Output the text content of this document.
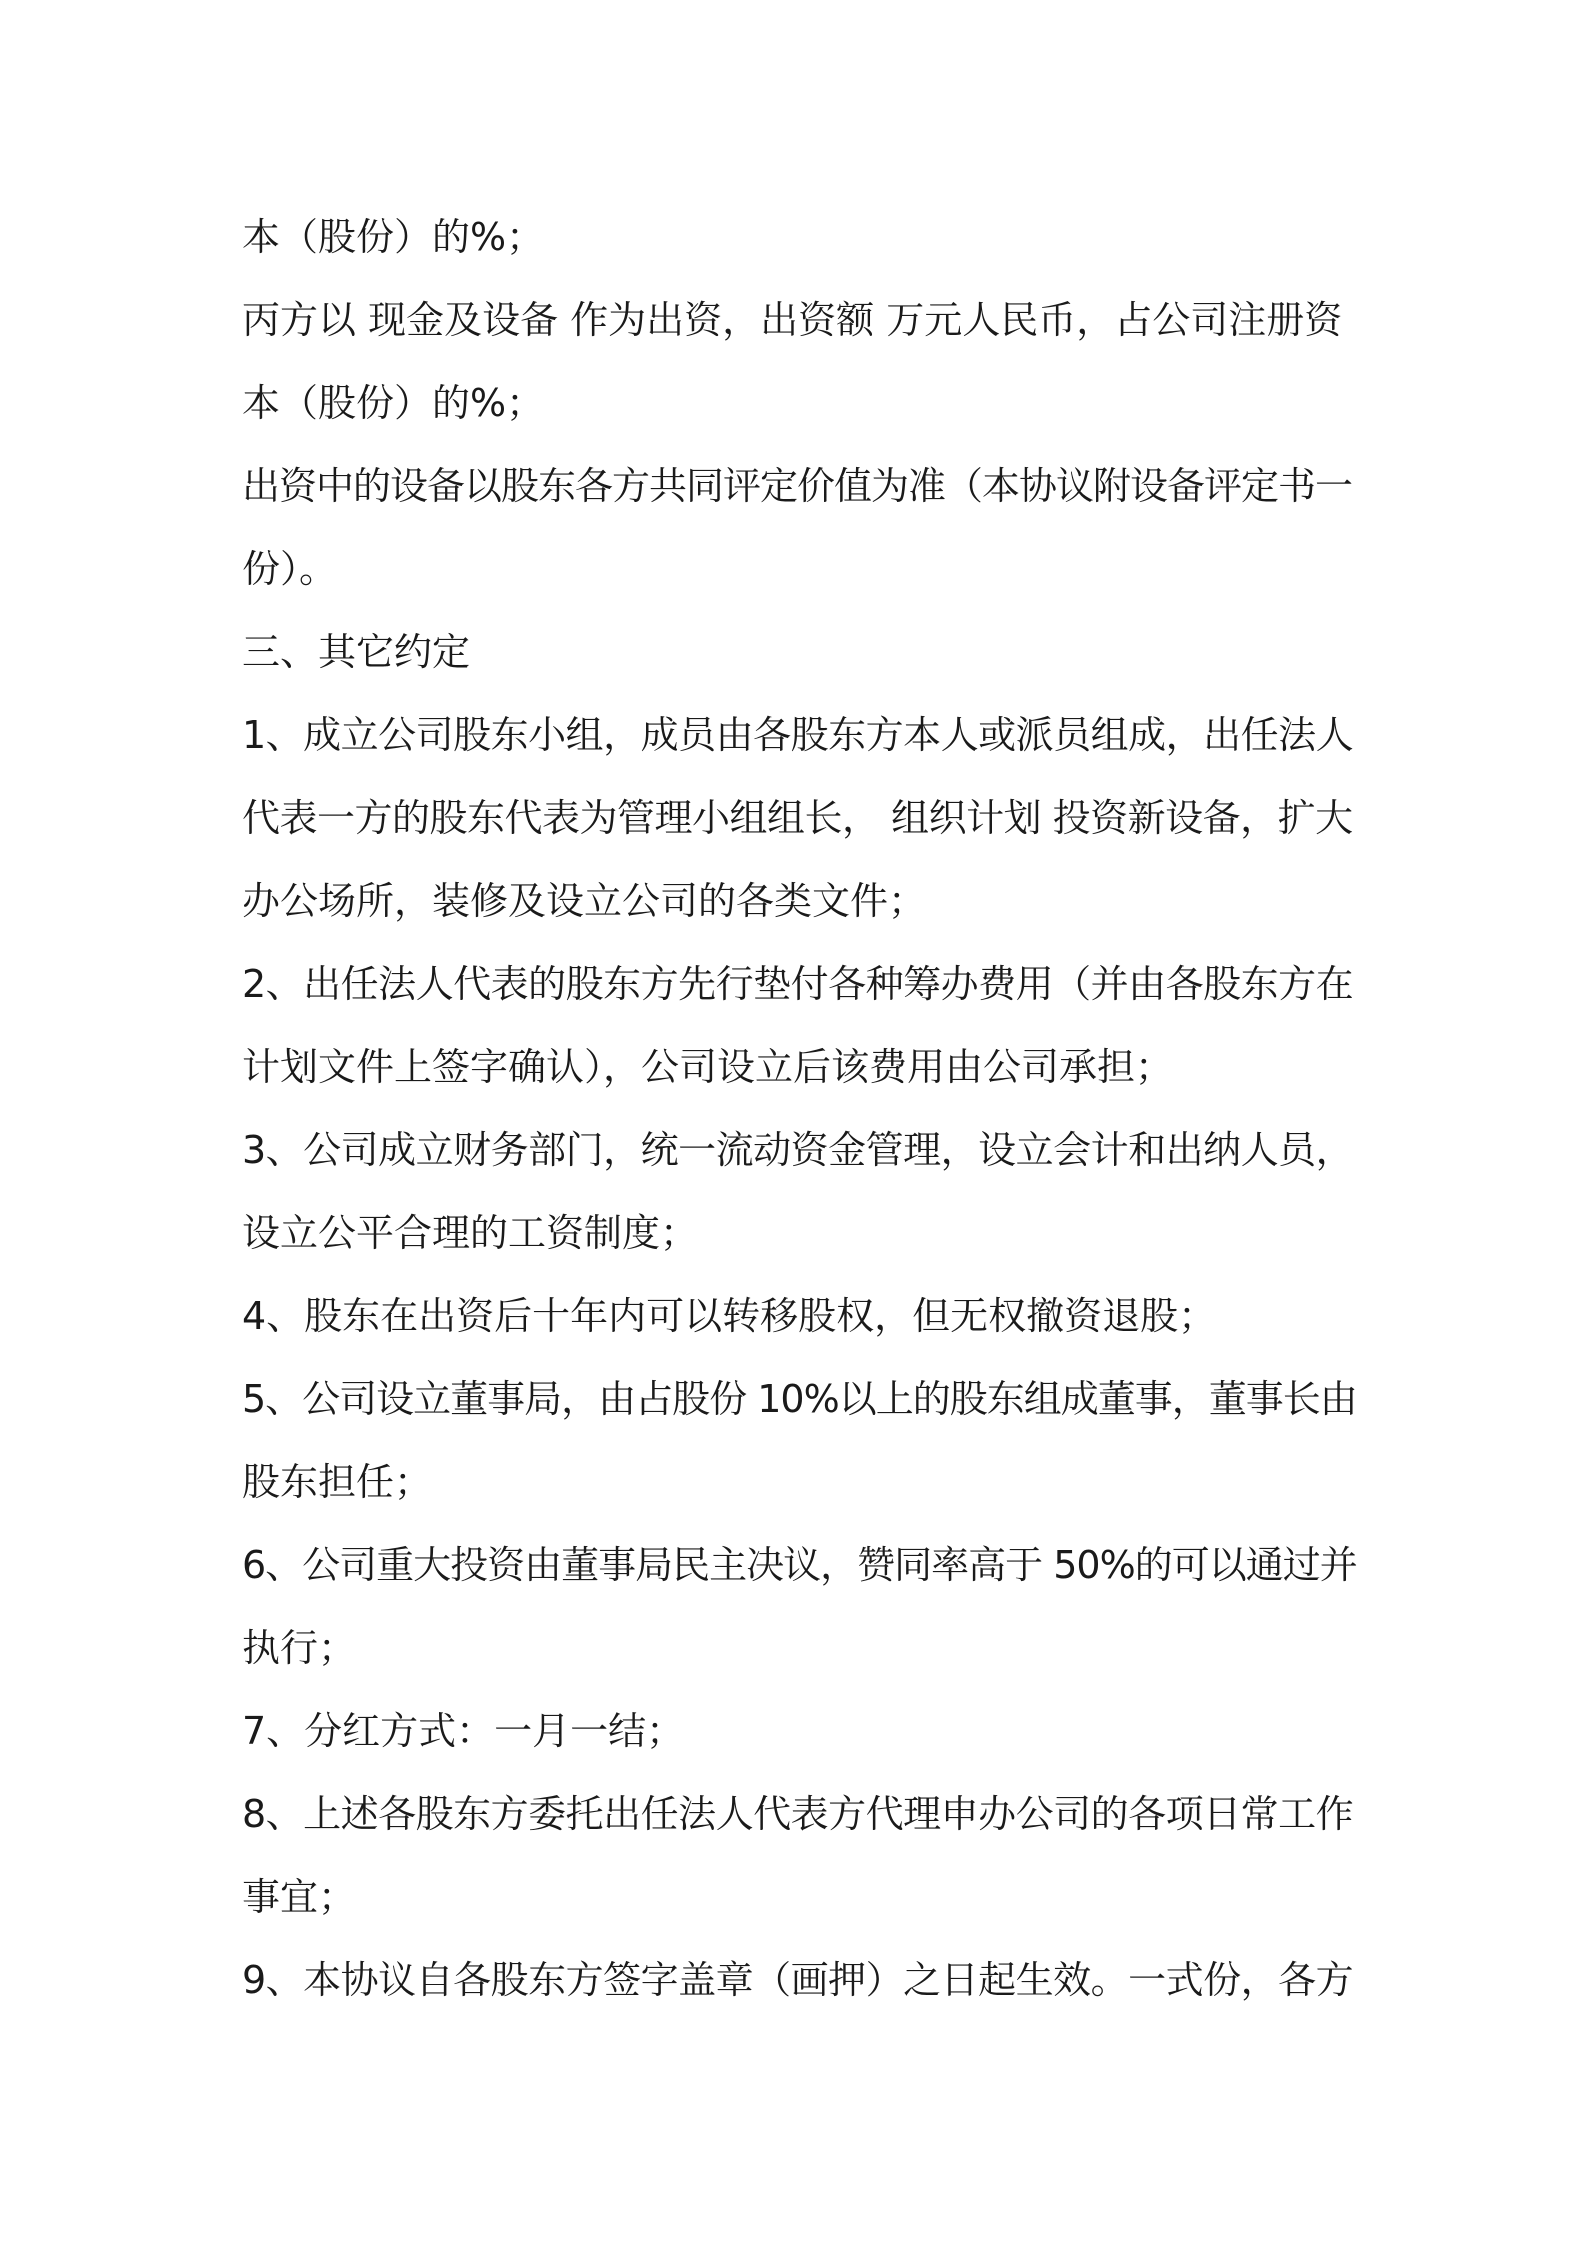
本（股份）的%；
丙方以 现金及设备 作为出资，出资额 万元人民币，占公司注册资
本（股份）的%；
出资中的设备以股东各方共同评定价值为准（本协议附设备评定书一
份）。
三、其它约定
1、成立公司股东小组，成员由各股东方本人或派员组成，出任法人
代表一方的股东代表为管理小组组长， 组织计划 投资新设备，扩大
办公场所，装修及设立公司的各类文件；
2、出任法人代表的股东方先行垫付各种筹办费用（并由各股东方在
计划文件上签字确认），公司设立后该费用由公司承担；
3、公司成立财务部门，统一流动资金管理，设立会计和出纳人员，
设立公平合理的工资制度；
4、股东在出资后十年内可以转移股权，但无权撤资退股；
5、公司设立董事局，由占股份 10%以上的股东组成董事，董事长由
股东担任；
6、公司重大投资由董事局民主决议，赞同率高于 50%的可以通过并
执行；
7、分红方式：一月一结；
8、上述各股东方委托出任法人代表方代理申办公司的各项日常工作
事宜；
9、本协议自各股东方签字盖章（画押）之日起生效。一式份，各方
